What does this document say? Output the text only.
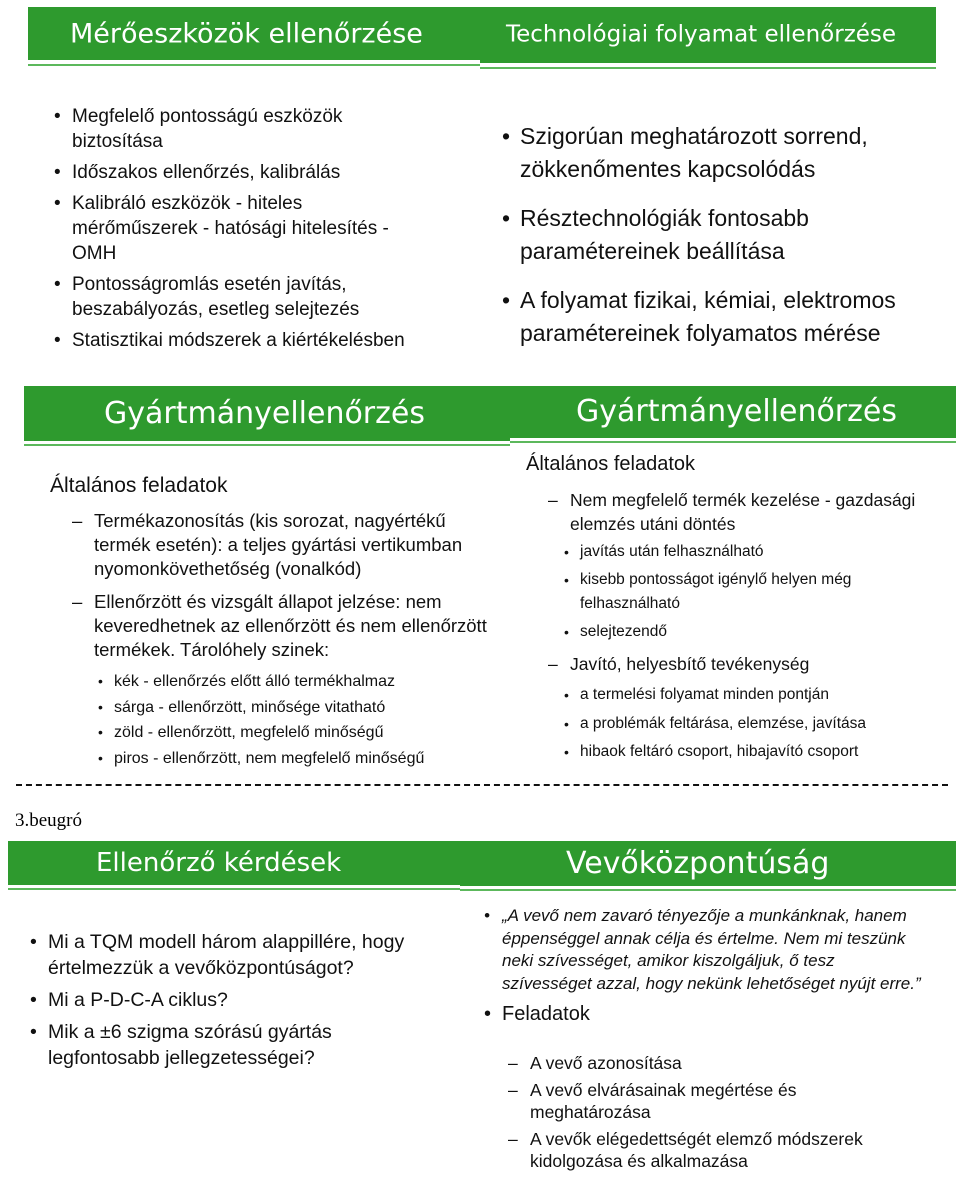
Mérőeszközök ellenőrzése
• Megfelelő pontosságú eszközök biztosítása
• Időszakos ellenőrzés, kalibrálás
• Kalibráló eszközök - hiteles mérőműszerek - hatósági hitelesítés - OMH
• Pontosságromlás esetén javítás, beszabályozás, esetleg selejtezés
• Statisztikai módszerek a kiértékelésben
Technológiai folyamat ellenőrzése
• Szigorúan meghatározott sorrend, zökkenőmentes kapcsolódás
• Résztechnológiák fontosabb paramétereinek beállítása
• A folyamat fizikai, kémiai, elektromos paramétereinek folyamatos mérése
Gyártmányellenőrzés
Általános feladatok
– Termékazonosítás (kis sorozat, nagyértékű termék esetén): a teljes gyártási vertikumban nyomonkövethetőség (vonalkód)
– Ellenőrzött és vizsgált állapot jelzése: nem keveredhetnek az ellenőrzött és nem ellenőrzött termékek. Tárolóhely szinek:
• kék - ellenőrzés előtt álló termékhalmaz
• sárga - ellenőrzött, minősége vitatható
• zöld - ellenőrzött, megfelelő minőségű
• piros - ellenőrzött, nem megfelelő minőségű
Gyártmányellenőrzés
Általános feladatok
– Nem megfelelő termék kezelése - gazdasági elemzés utáni döntés
• javítás után felhasználható
• kisebb pontosságot igénylő helyen még felhasználható
• selejtezendő
– Javító, helyesbítő tevékenység
• a termelési folyamat minden pontján
• a problémák feltárása, elemzése, javítása
• hibaok feltáró csoport, hibajavító csoport
3.beugró
Ellenőrző kérdések
• Mi a TQM modell három alappillére, hogy értelmezzük a vevőközpontúságot?
• Mi a P-D-C-A ciklus?
• Mik a ±6 szigma szórású gyártás legfontosabb jellegzetességei?
Vevőközpontúság
• „A vevő nem zavaró tényezője a munkánknak, hanem éppenséggel annak célja és értelme. Nem mi teszünk neki szívességet, amikor kiszolgáljuk, ő tesz szívességet azzal, hogy nekünk lehetőséget nyújt erre.”
• Feladatok
– A vevő azonosítása
– A vevő elvárásainak megértése és meghatározása
– A vevők elégedettségét elemző módszerek kidolgozása és alkalmazása
